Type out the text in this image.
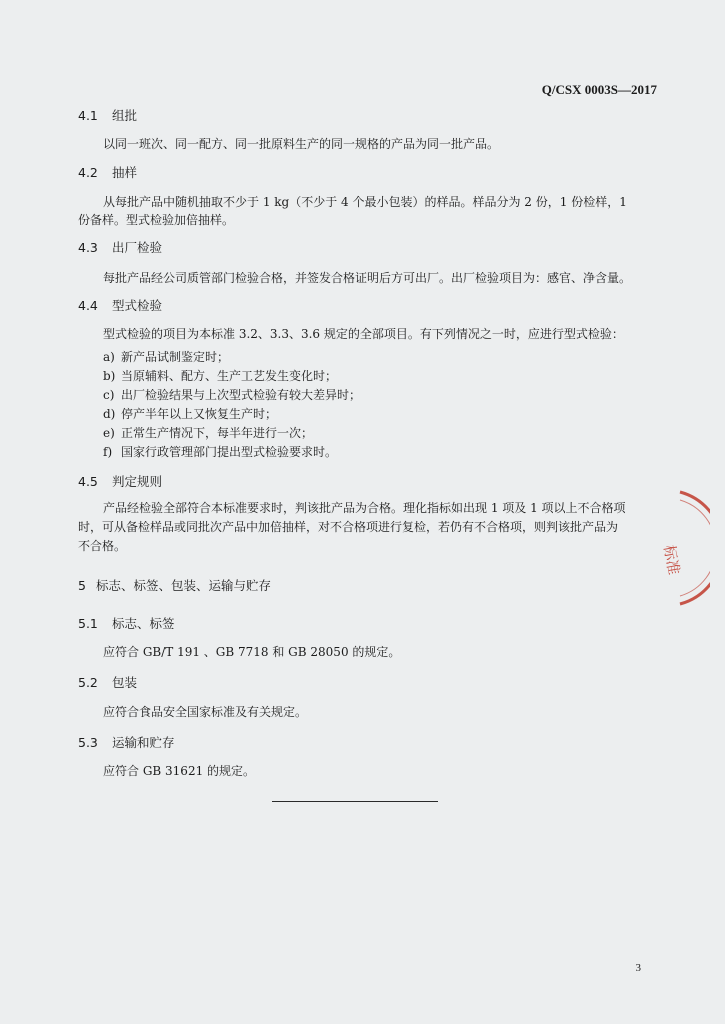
Q/CSX 0003S—2017
4.1 组批
以同一班次、同一配方、同一批原料生产的同一规格的产品为同一批产品。
4.2 抽样
从每批产品中随机抽取不少于 1 kg（不少于 4 个最小包装）的样品。样品分为 2 份，1 份检样，1
份备样。型式检验加倍抽样。
4.3 出厂检验
每批产品经公司质管部门检验合格，并签发合格证明后方可出厂。出厂检验项目为：感官、净含量。
4.4 型式检验
型式检验的项目为本标准 3.2、3.3、3.6 规定的全部项目。有下列情况之一时，应进行型式检验：
a) 新产品试制鉴定时；
b) 当原辅料、配方、生产工艺发生变化时；
c) 出厂检验结果与上次型式检验有较大差异时；
d) 停产半年以上又恢复生产时；
e) 正常生产情况下，每半年进行一次；
f) 国家行政管理部门提出型式检验要求时。
4.5 判定规则
产品经检验全部符合本标准要求时，判该批产品为合格。理化指标如出现 1 项及 1 项以上不合格项
时，可从备检样品或同批次产品中加倍抽样，对不合格项进行复检，若仍有不合格项，则判该批产品为
不合格。
5 标志、标签、包装、运输与贮存
5.1 标志、标签
应符合 GB/T 191 、GB 7718 和 GB 28050 的规定。
5.2 包装
应符合食品安全国家标准及有关规定。
5.3 运输和贮存
应符合 GB 31621 的规定。
3
标准
